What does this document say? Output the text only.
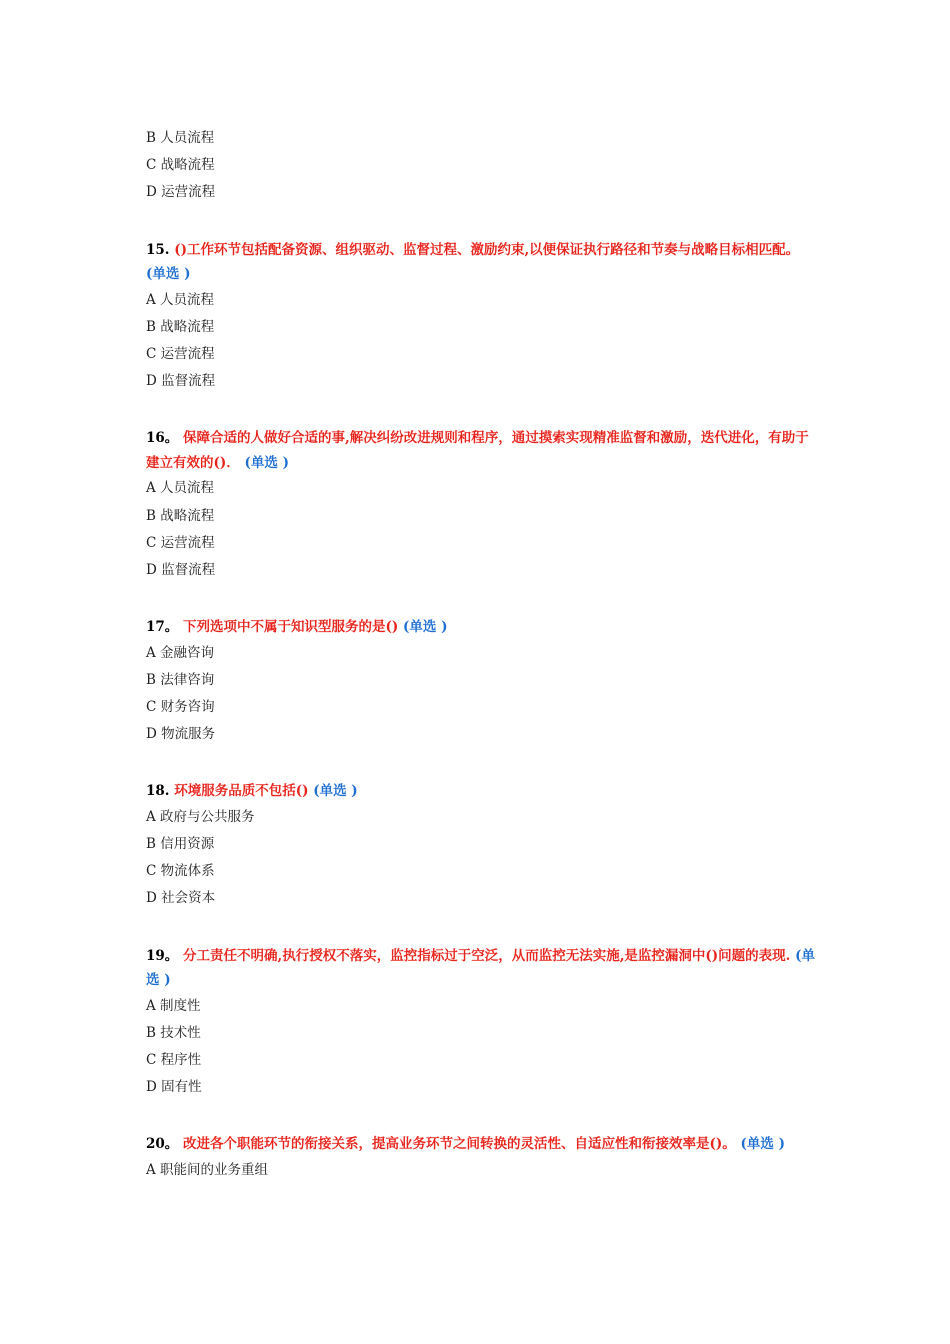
B 人员流程
C 战略流程
D 运营流程
15. ()工作环节包括配备资源、组织驱动、监督过程、激励约束,以便保证执行路径和节奏与战略目标相匹配。 (单选 )
A 人员流程
B 战略流程
C 运营流程
D 监督流程
16。 保障合适的人做好合适的事,解决纠纷改进规则和程序，通过摸索实现精准监督和激励，迭代进化，有助于建立有效的()． (单选 )
A 人员流程
B 战略流程
C 运营流程
D 监督流程
17。 下列选项中不属于知识型服务的是() (单选 )
A 金融咨询
B 法律咨询
C 财务咨询
D 物流服务
18. 环境服务品质不包括() (单选 )
A 政府与公共服务
B 信用资源
C 物流体系
D 社会资本
19。 分工责任不明确,执行授权不落实，监控指标过于空泛，从而监控无法实施,是监控漏洞中()问题的表现. (单选 )
A 制度性
B 技术性
C 程序性
D 固有性
20。 改进各个职能环节的衔接关系，提高业务环节之间转换的灵活性、自适应性和衔接效率是()。 (单选 )
A 职能间的业务重组
